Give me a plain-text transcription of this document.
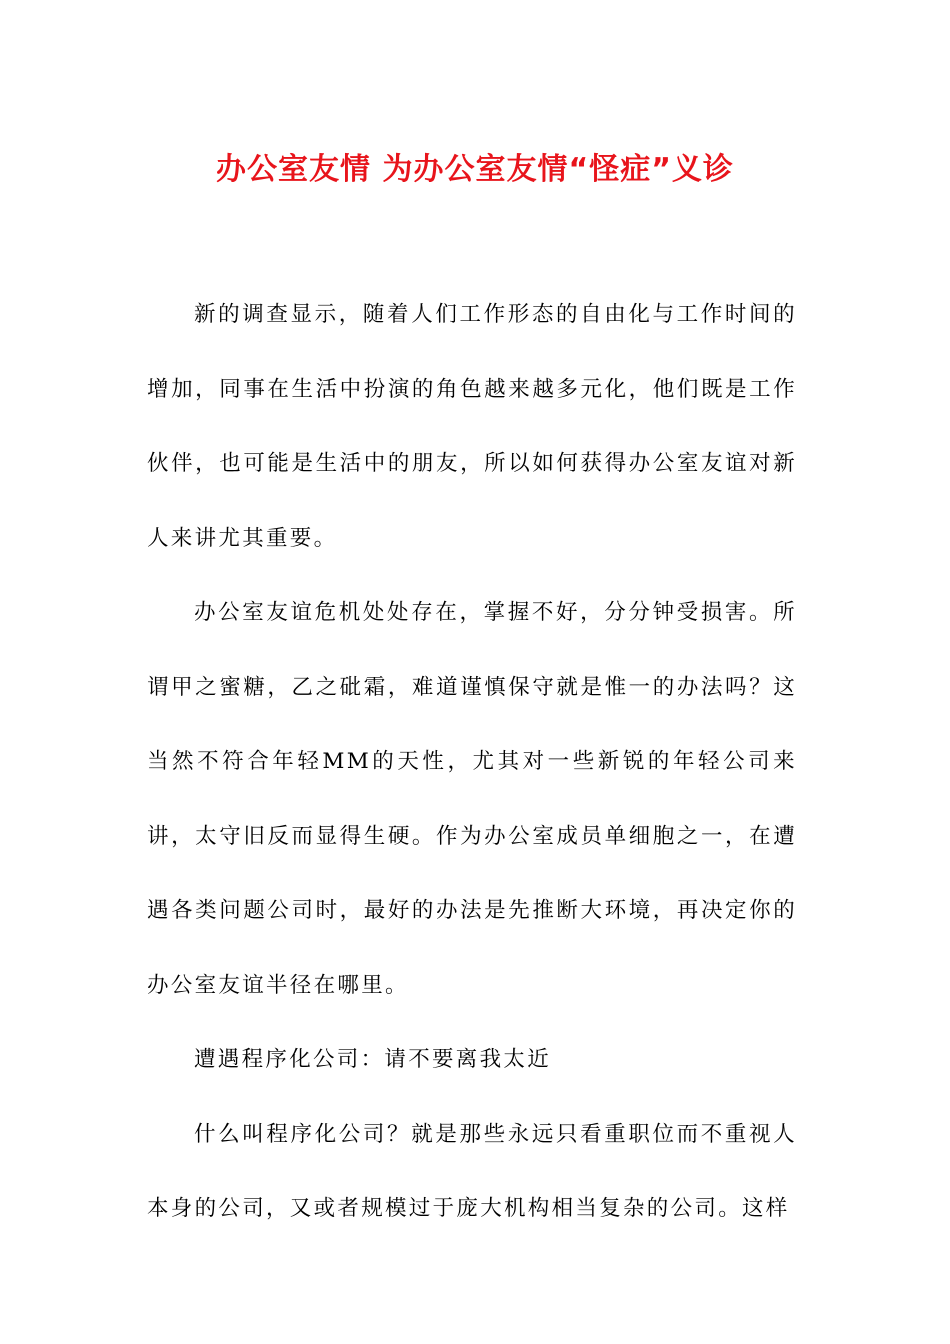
办公室友情 为办公室友情“怪症”义诊

新的调查显示，随着人们工作形态的自由化与工作时间的增加，同事在生活中扮演的角色越来越多元化，他们既是工作伙伴，也可能是生活中的朋友，所以如何获得办公室友谊对新人来讲尤其重要。

办公室友谊危机处处存在，掌握不好，分分钟受损害。所谓甲之蜜糖，乙之砒霜，难道谨慎保守就是惟一的办法吗？这当然不符合年轻MM的天性，尤其对一些新锐的年轻公司来讲，太守旧反而显得生硬。作为办公室成员单细胞之一，在遭遇各类问题公司时，最好的办法是先推断大环境，再决定你的办公室友谊半径在哪里。

遭遇程序化公司：请不要离我太近

什么叫程序化公司？就是那些永远只看重职位而不重视人本身的公司，又或者规模过于庞大机构相当复杂的公司。这样
